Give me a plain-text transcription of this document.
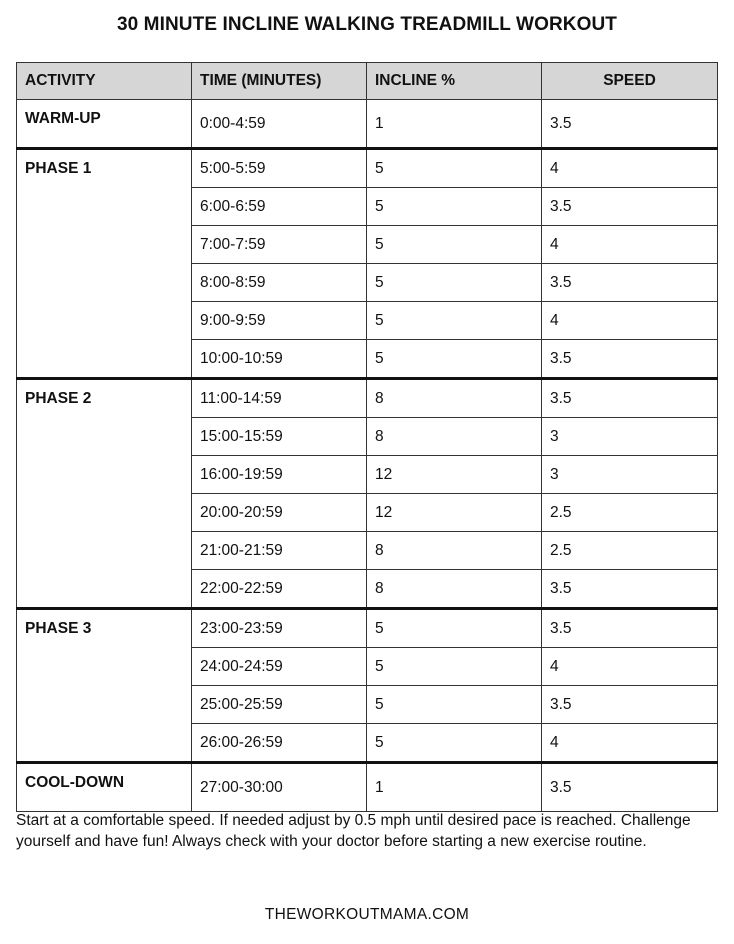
30 MINUTE INCLINE WALKING TREADMILL WORKOUT
ACTIVITY	TIME (MINUTES)	INCLINE %	SPEED
WARM-UP	0:00-4:59	1	3.5
PHASE 1	5:00-5:59	5	4
	6:00-6:59	5	3.5
	7:00-7:59	5	4
	8:00-8:59	5	3.5
	9:00-9:59	5	4
	10:00-10:59	5	3.5
PHASE 2	11:00-14:59	8	3.5
	15:00-15:59	8	3
	16:00-19:59	12	3
	20:00-20:59	12	2.5
	21:00-21:59	8	2.5
	22:00-22:59	8	3.5
PHASE 3	23:00-23:59	5	3.5
	24:00-24:59	5	4
	25:00-25:59	5	3.5
	26:00-26:59	5	4
COOL-DOWN	27:00-30:00	1	3.5
Start at a comfortable speed. If needed adjust by 0.5 mph until desired pace is reached. Challenge yourself and have fun! Always check with your doctor before starting a new exercise routine.
THEWORKOUTMAMA.COM
